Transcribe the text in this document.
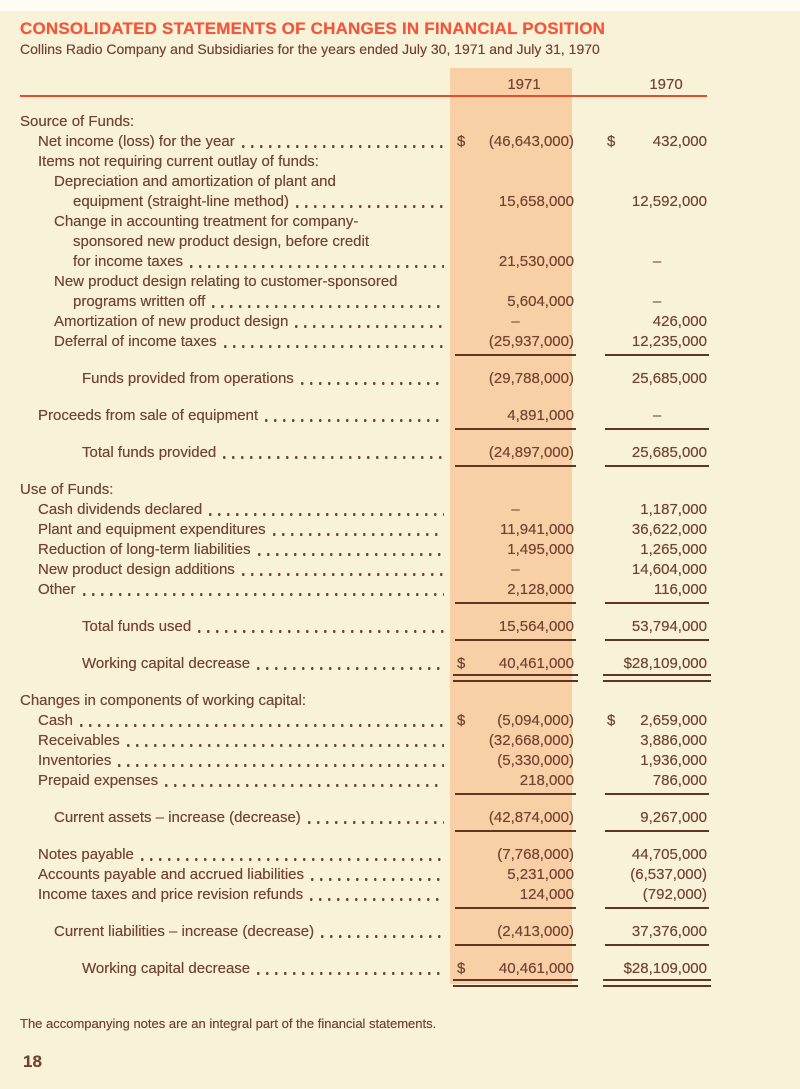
CONSOLIDATED STATEMENTS OF CHANGES IN FINANCIAL POSITION
Collins Radio Company and Subsidiaries for the years ended July 30, 1971 and July 31, 1970
1971	1970
Source of Funds:
Net income (loss) for the year	$ (46,643,000) $ 432,000
Items not requiring current outlay of funds:
Depreciation and amortization of plant and
equipment (straight-line method)	15,658,000	12,592,000
Change in accounting treatment for company-
sponsored new product design, before credit
for income taxes	21,530,000	–
New product design relating to customer-sponsored
programs written off	5,604,000	–
Amortization of new product design	–	426,000
Deferral of income taxes	(25,937,000)	12,235,000
Funds provided from operations	(29,788,000)	25,685,000
Proceeds from sale of equipment	4,891,000	–
Total funds provided	(24,897,000)	25,685,000
Use of Funds:
Cash dividends declared	–	1,187,000
Plant and equipment expenditures	11,941,000	36,622,000
Reduction of long-term liabilities	1,495,000	1,265,000
New product design additions	–	14,604,000
Other	2,128,000	116,000
Total funds used	15,564,000	53,794,000
Working capital decrease	$ 40,461,000	$28,109,000
Changes in components of working capital:
Cash	$ (5,094,000) $ 2,659,000
Receivables	(32,668,000)	3,886,000
Inventories	(5,330,000)	1,936,000
Prepaid expenses	218,000	786,000
Current assets – increase (decrease)	(42,874,000)	9,267,000
Notes payable	(7,768,000)	44,705,000
Accounts payable and accrued liabilities	5,231,000	(6,537,000)
Income taxes and price revision refunds	124,000	(792,000)
Current liabilities – increase (decrease)	(2,413,000)	37,376,000
Working capital decrease	$ 40,461,000	$28,109,000
The accompanying notes are an integral part of the financial statements.
18
